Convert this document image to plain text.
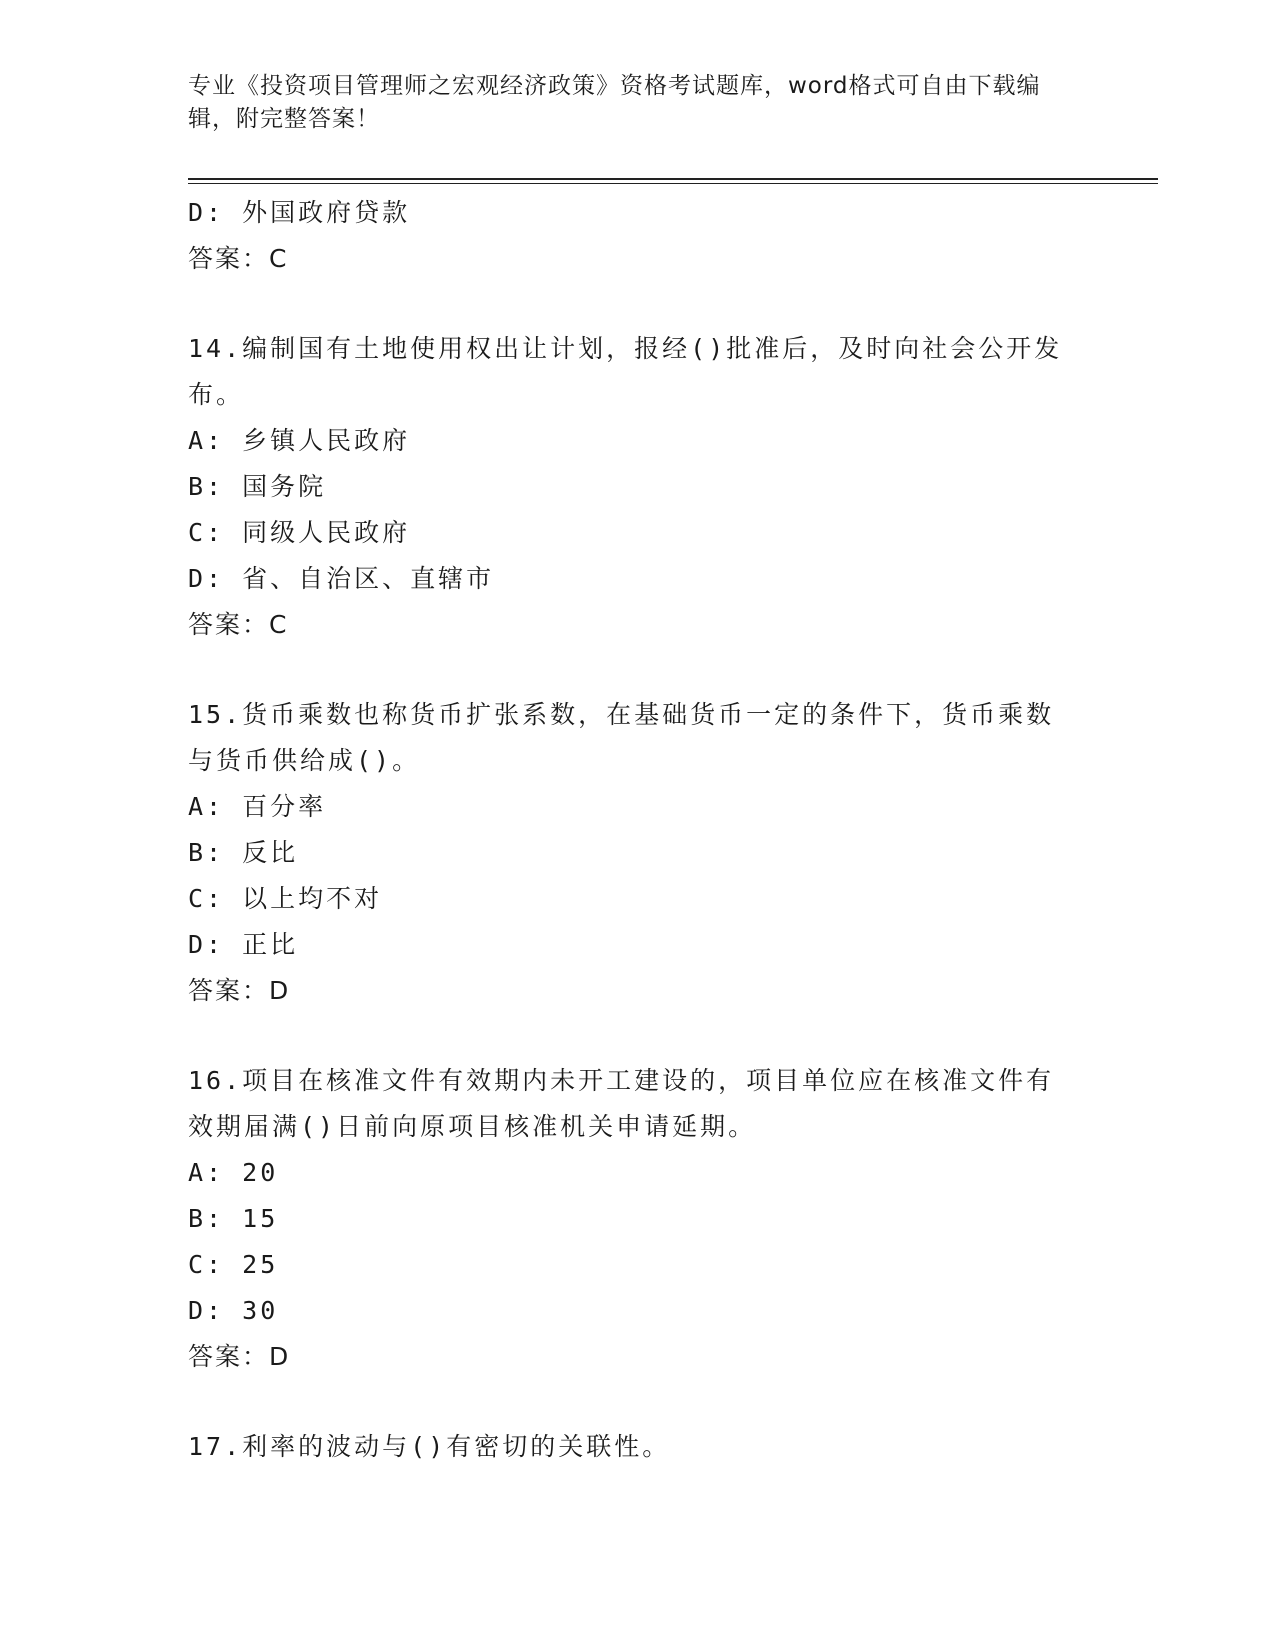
专业《投资项目管理师之宏观经济政策》资格考试题库，word格式可自由下载编辑，附完整答案！
D: 外国政府贷款
答案：C
14.编制国有土地使用权出让计划，报经()批准后，及时向社会公开发布。
A: 乡镇人民政府
B: 国务院
C: 同级人民政府
D: 省、自治区、直辖市
答案：C
15.货币乘数也称货币扩张系数，在基础货币一定的条件下，货币乘数与货币供给成()。
A: 百分率
B: 反比
C: 以上均不对
D: 正比
答案：D
16.项目在核准文件有效期内未开工建设的，项目单位应在核准文件有效期届满()日前向原项目核准机关申请延期。
A: 20
B: 15
C: 25
D: 30
答案：D
17.利率的波动与()有密切的关联性。
